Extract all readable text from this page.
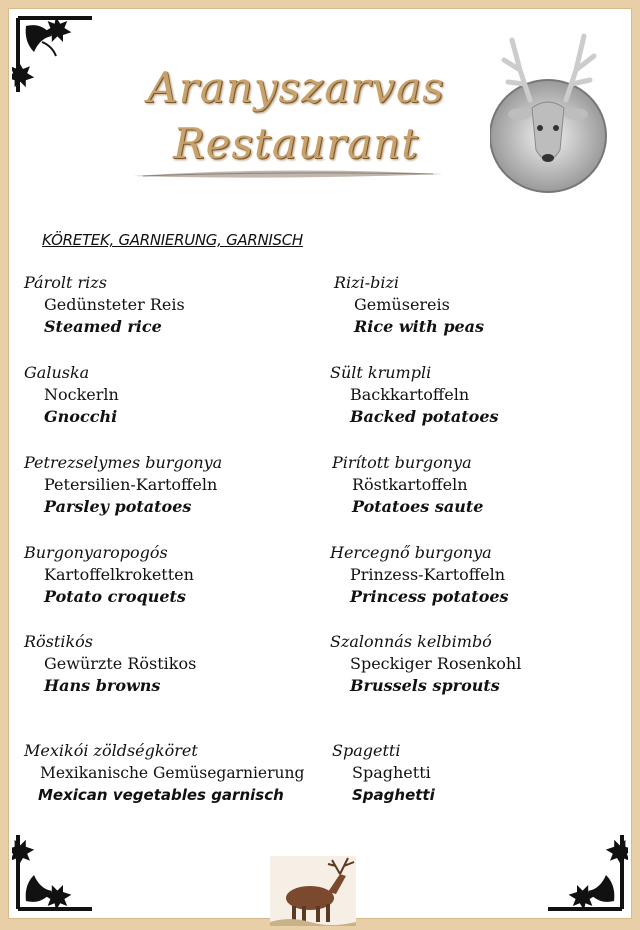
Aranyszarvas
Restaurant
KÖRETEK, GARNIERUNG, GARNISCH
Párolt rizs
Gedünsteter Reis
Steamed rice
Rizi-bizi
Gemüsereis
Rice with peas
Galuska
Nockerln
Gnocchi
Sült krumpli
Backkartoffeln
Backed potatoes
Petrezselymes burgonya
Petersilien-Kartoffeln
Parsley potatoes
Pirított burgonya
Röstkartoffeln
Potatoes saute
Burgonyaropogós
Kartoffelkroketten
Potato croquets
Hercegnő burgonya
Prinzess-Kartoffeln
Princess potatoes
Röstikós
Gewürzte Röstikos
Hans browns
Szalonnás kelbimbó
Speckiger Rosenkohl
Brussels sprouts
Mexikói zöldségköret
Mexikanische Gemüsegarnierung
Mexican vegetables garnisch
Spagetti
Spaghetti
Spaghetti
